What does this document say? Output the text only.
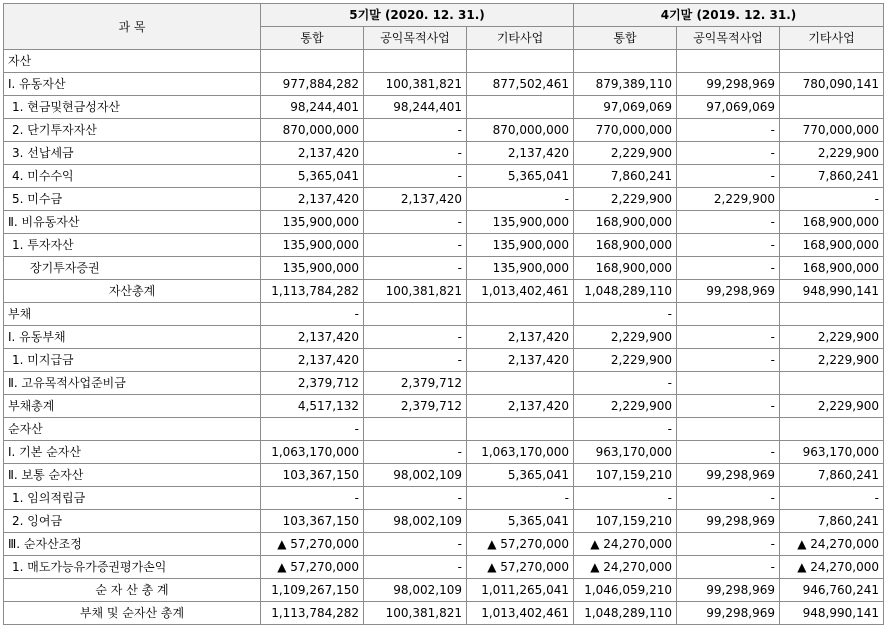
과 목	5기말 (2020. 12. 31.)			4기말 (2019. 12. 31.)		
	통합	공익목적사업	기타사업	통합	공익목적사업	기타사업
자산						
Ⅰ. 유동자산	977,884,282	100,381,821	877,502,461	879,389,110	99,298,969	780,090,141
1. 현금및현금성자산	98,244,401	98,244,401		97,069,069	97,069,069	
2. 단기투자자산	870,000,000	-	870,000,000	770,000,000	-	770,000,000
3. 선납세금	2,137,420	-	2,137,420	2,229,900	-	2,229,900
4. 미수수익	5,365,041	-	5,365,041	7,860,241	-	7,860,241
5. 미수금	2,137,420	2,137,420	-	2,229,900	2,229,900	-
Ⅱ. 비유동자산	135,900,000	-	135,900,000	168,900,000	-	168,900,000
1. 투자자산	135,900,000	-	135,900,000	168,900,000	-	168,900,000
장기투자증권	135,900,000	-	135,900,000	168,900,000	-	168,900,000
자산총계	1,113,784,282	100,381,821	1,013,402,461	1,048,289,110	99,298,969	948,990,141
부채	-			-		
Ⅰ. 유동부채	2,137,420	-	2,137,420	2,229,900	-	2,229,900
1. 미지급금	2,137,420	-	2,137,420	2,229,900	-	2,229,900
Ⅱ. 고유목적사업준비금	2,379,712	2,379,712		-		
부채총계	4,517,132	2,379,712	2,137,420	2,229,900	-	2,229,900
순자산	-			-		
Ⅰ. 기본 순자산	1,063,170,000	-	1,063,170,000	963,170,000	-	963,170,000
Ⅱ. 보통 순자산	103,367,150	98,002,109	5,365,041	107,159,210	99,298,969	7,860,241
1. 임의적립금	-	-	-	-	-	-
2. 잉여금	103,367,150	98,002,109	5,365,041	107,159,210	99,298,969	7,860,241
Ⅲ. 순자산조정	▲ 57,270,000	-	▲ 57,270,000	▲ 24,270,000	-	▲ 24,270,000
1. 매도가능유가증권평가손익	▲ 57,270,000	-	▲ 57,270,000	▲ 24,270,000	-	▲ 24,270,000
순 자 산 총 계	1,109,267,150	98,002,109	1,011,265,041	1,046,059,210	99,298,969	946,760,241
부채 및 순자산 총계	1,113,784,282	100,381,821	1,013,402,461	1,048,289,110	99,298,969	948,990,141
